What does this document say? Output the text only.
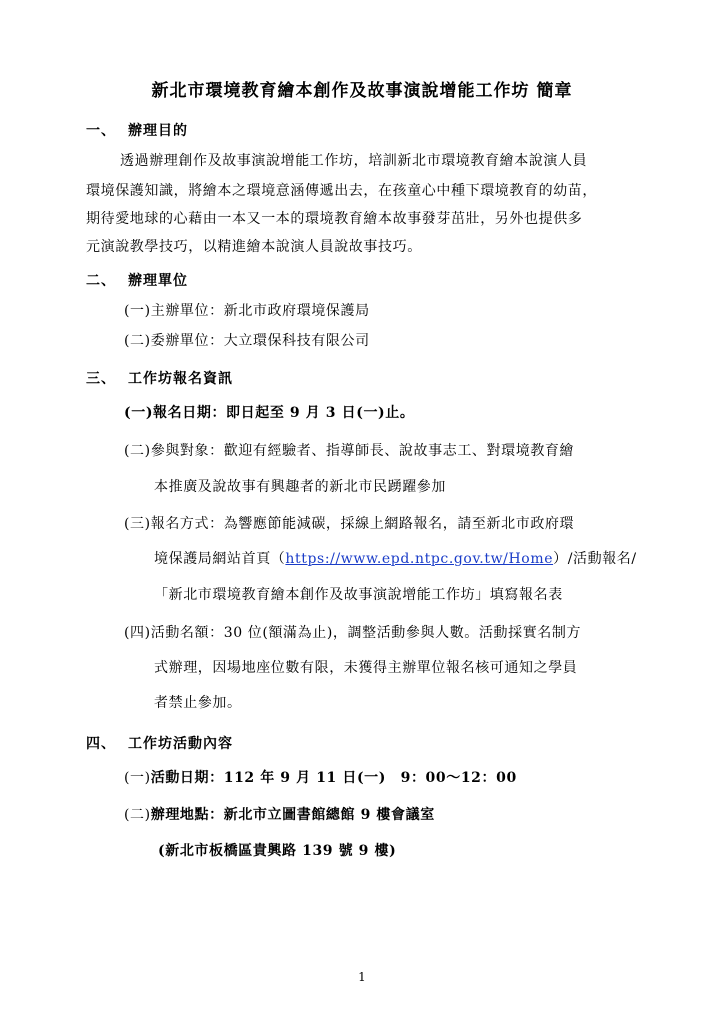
新北市環境教育繪本創作及故事演說增能工作坊 簡章
一、 辦理目的
透過辦理創作及故事演說增能工作坊，培訓新北市環境教育繪本說演人員
環境保護知識，將繪本之環境意涵傳遞出去，在孩童心中種下環境教育的幼苗，
期待愛地球的心藉由一本又一本的環境教育繪本故事發芽茁壯，另外也提供多
元演說教學技巧，以精進繪本說演人員說故事技巧。
二、 辦理單位
(一)主辦單位：新北市政府環境保護局
(二)委辦單位：大立環保科技有限公司
三、 工作坊報名資訊
(一)報名日期：即日起至 9 月 3 日(一)止。
(二)參與對象：歡迎有經驗者、指導師長、說故事志工、對環境教育繪
本推廣及說故事有興趣者的新北市民踴躍參加
(三)報名方式：為響應節能減碳，採線上網路報名，請至新北市政府環
境保護局網站首頁（https://www.epd.ntpc.gov.tw/Home）/活動報名/
「新北市環境教育繪本創作及故事演說增能工作坊」填寫報名表
(四)活動名額：30 位(額滿為止)，調整活動參與人數。活動採實名制方
式辦理，因場地座位數有限，未獲得主辦單位報名核可通知之學員
者禁止參加。
四、 工作坊活動內容
(一)活動日期：112 年 9 月 11 日(一)　9：00～12：00
(二)辦理地點：新北市立圖書館總館 9 樓會議室
(新北市板橋區貴興路 139 號 9 樓)
1
